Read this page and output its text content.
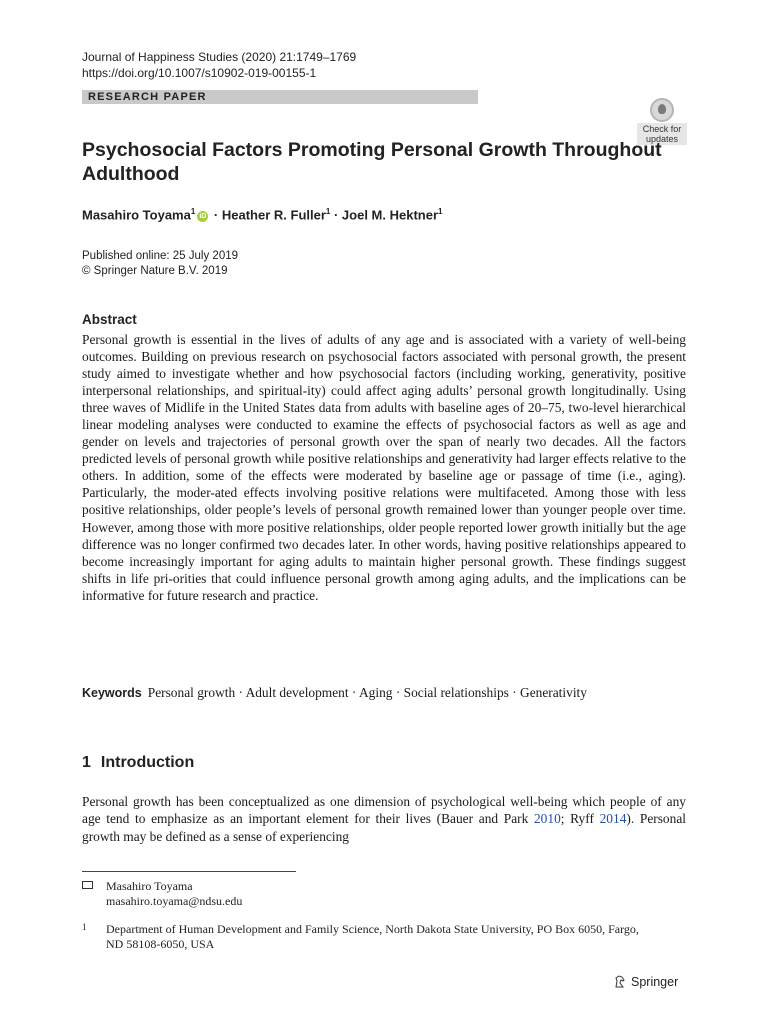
Journal of Happiness Studies (2020) 21:1749–1769
https://doi.org/10.1007/s10902-019-00155-1
RESEARCH PAPER
Check for
updates
Psychosocial Factors Promoting Personal Growth Throughout Adulthood
Masahiro Toyama$^1$iD · Heather R. Fuller$^1$ · Joel M. Hektner$^1$
Published online: 25 July 2019
© Springer Nature B.V. 2019
Abstract
Personal growth is essential in the lives of adults of any age and is associated with a variety of well-being outcomes. Building on previous research on psychosocial factors associated with personal growth, the present study aimed to investigate whether and how psychosocial factors (including working, generativity, positive interpersonal relationships, and spiritual-ity) could affect aging adults’ personal growth longitudinally. Using three waves of Midlife in the United States data from adults with baseline ages of 20–75, two-level hierarchical linear modeling analyses were conducted to examine the effects of psychosocial factors as well as age and gender on levels and trajectories of personal growth over the span of nearly two decades. All the factors predicted levels of personal growth while positive relationships and generativity had larger effects relative to the others. In addition, some of the effects were moderated by baseline age or passage of time (i.e., aging). Particularly, the moder-ated effects involving positive relations were multifaceted. Among those with less positive relationships, older people’s levels of personal growth remained lower than younger people over time. However, among those with more positive relationships, older people reported lower growth initially but the age difference was no longer confirmed two decades later. In other words, having positive relationships appeared to become increasingly important for aging adults to maintain higher personal growth. These findings suggest shifts in life pri-orities that could influence personal growth among aging adults, and the implications can be informative for future research and practice.
Keywords Personal growth · Adult development · Aging · Social relationships · Generativity
1 Introduction
Personal growth has been conceptualized as one dimension of psychological well-being which people of any age tend to emphasize as an important element for their lives (Bauer and Park 2010; Ryff 2014). Personal growth may be defined as a sense of experiencing
Masahiro Toyama
masahiro.toyama@ndsu.edu
1	Department of Human Development and Family Science, North Dakota State University, PO Box 6050, Fargo, ND 58108-6050, USA
Springer
